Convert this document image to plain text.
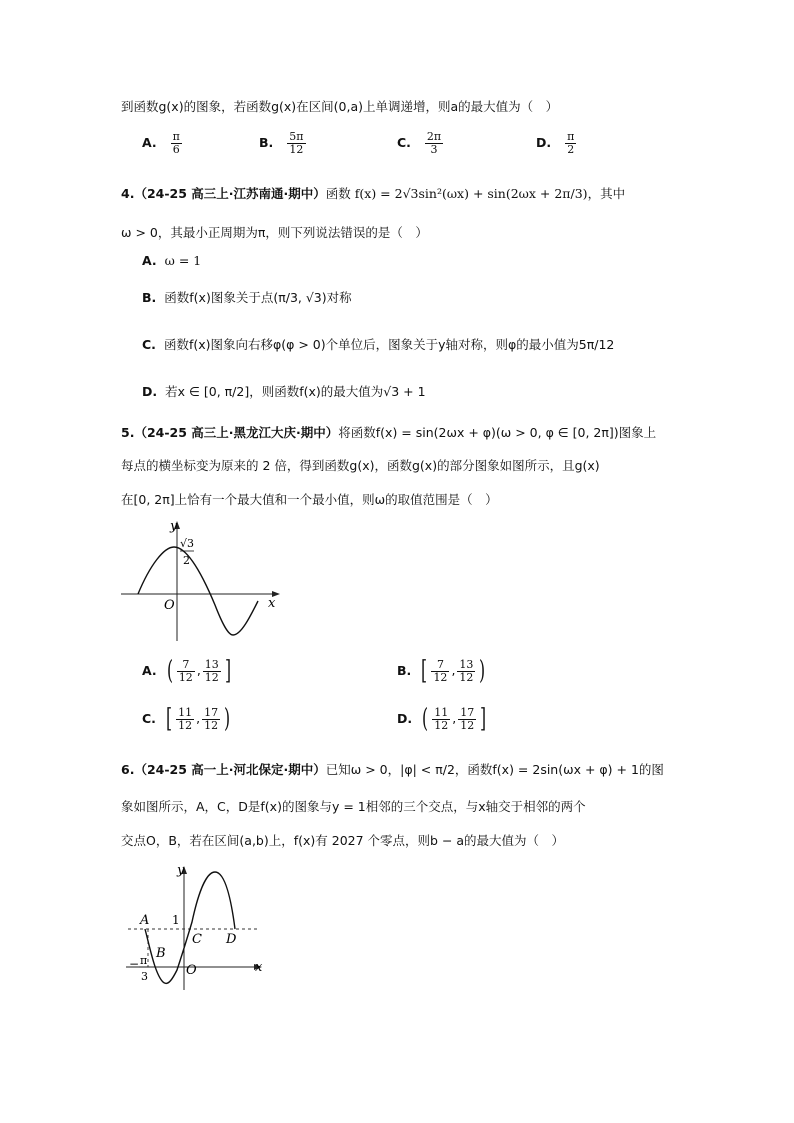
到函数g(x)的图象，若函数g(x)在区间(0,a)上单调递增，则a的最大值为（　）
A. $\frac{\pi}{6}$	B. $\frac{5\pi}{12}$	C. $\frac{2\pi}{3}$	D. $\frac{\pi}{2}$
4.（24-25 高三上·江苏南通·期中）函数 f(x) = 2√3sin²(ωx) + sin(2ωx + 2π/3)，其中
ω > 0，其最小正周期为π，则下列说法错误的是（　）
A. ω = 1
B. 函数f(x)图象关于点(π/3, √3)对称
C. 函数f(x)图象向右移φ(φ > 0)个单位后，图象关于y轴对称，则φ的最小值为5π/12
D. 若x ∈ [0, π/2]，则函数f(x)的最大值为√3 + 1
5.（24-25 高三上·黑龙江大庆·期中）将函数f(x) = sin(2ωx + φ)(ω > 0, φ ∈ [0, 2π])图象上
每点的横坐标变为原来的 2 倍，得到函数g(x)，函数g(x)的部分图象如图所示，且g(x)
在[0, 2π]上恰有一个最大值和一个最小值，则ω的取值范围是（　）
y
x
O
√3
2
A. ( $\frac{7}{12}$ , $\frac{13}{12}$ ]	B. [ $\frac{7}{12}$ , $\frac{13}{12}$ )
C. [ $\frac{11}{12}$ , $\frac{17}{12}$ )	D. ( $\frac{11}{12}$ , $\frac{17}{12}$ ]
6.（24-25 高一上·河北保定·期中）已知ω > 0，|φ| < π/2，函数f(x) = 2sin(ωx + φ) + 1的图
象如图所示，A，C，D是f(x)的图象与y = 1相邻的三个交点，与x轴交于相邻的两个
交点O，B，若在区间(a,b)上，f(x)有 2027 个零点，则b − a的最大值为（　）
y
x
O
A
B
C D
1
− π
3
